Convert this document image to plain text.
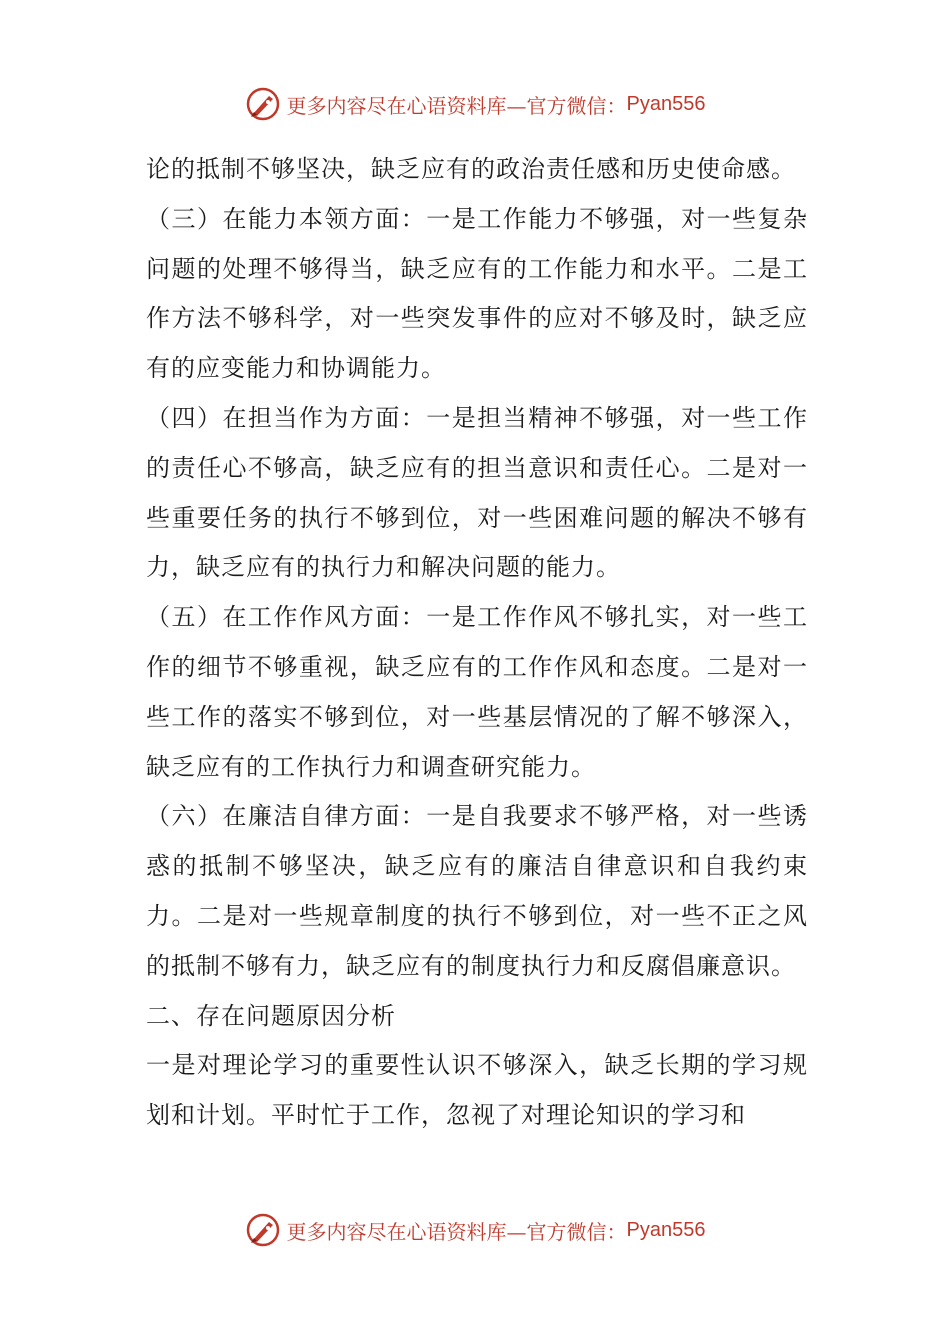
更多内容尽在心语资料库—官方微信： Pyan556

论的抵制不够坚决，缺乏应有的政治责任感和历史使命感。

（三）在能力本领方面：一是工作能力不够强，对一些复杂问题的处理不够得当，缺乏应有的工作能力和水平。二是工作方法不够科学，对一些突发事件的应对不够及时，缺乏应有的应变能力和协调能力。

（四）在担当作为方面：一是担当精神不够强，对一些工作的责任心不够高，缺乏应有的担当意识和责任心。二是对一些重要任务的执行不够到位，对一些困难问题的解决不够有力，缺乏应有的执行力和解决问题的能力。

（五）在工作作风方面：一是工作作风不够扎实，对一些工作的细节不够重视，缺乏应有的工作作风和态度。二是对一些工作的落实不够到位，对一些基层情况的了解不够深入，缺乏应有的工作执行力和调查研究能力。

（六）在廉洁自律方面：一是自我要求不够严格，对一些诱惑的抵制不够坚决，缺乏应有的廉洁自律意识和自我约束力。二是对一些规章制度的执行不够到位，对一些不正之风的抵制不够有力，缺乏应有的制度执行力和反腐倡廉意识。

二、存在问题原因分析

一是对理论学习的重要性认识不够深入，缺乏长期的学习规划和计划。平时忙于工作，忽视了对理论知识的学习和

更多内容尽在心语资料库—官方微信： Pyan556
